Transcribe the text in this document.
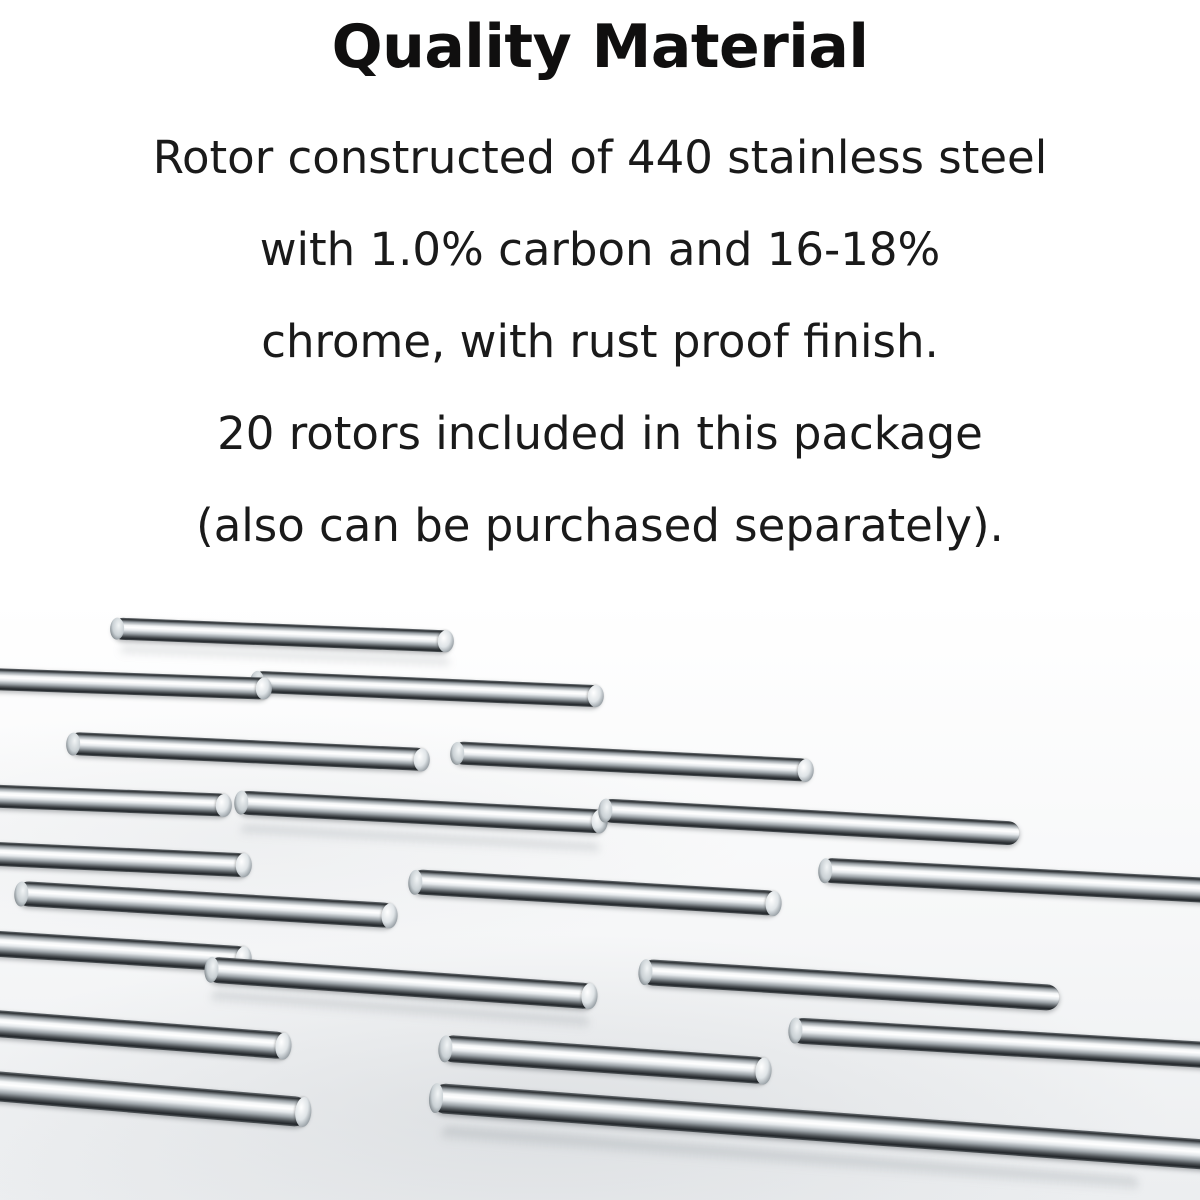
Quality Material

Rotor constructed of 440 stainless steel
with 1.0% carbon and 16-18%
chrome, with rust proof finish.
20 rotors included in this package
(also can be purchased separately).
